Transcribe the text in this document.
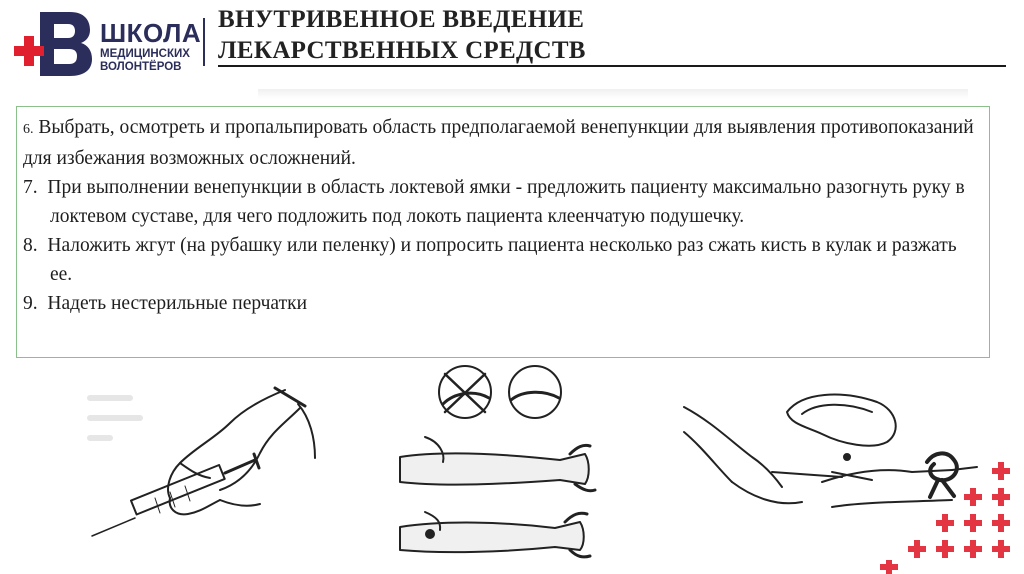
ШКОЛА
МЕДИЦИНСКИХ
ВОЛОНТЁРОВ
ВНУТРИВЕННОЕ ВВЕДЕНИЕ
ЛЕКАРСТВЕННЫХ СРЕДСТВ

6. Выбрать, осмотреть и пропальпировать область предполагаемой венепункции для выявления противопоказаний для избежания возможных осложнений.

7. При выполнении венепункции в область локтевой ямки - предложить пациенту максимально разогнуть руку в локтевом суставе, для чего подложить под локоть пациента клеенчатую подушечку.

8. Наложить жгут (на рубашку или пеленку) и попросить пациента несколько раз сжать кисть в кулак и разжать ее.

9. Надеть нестерильные перчатки
